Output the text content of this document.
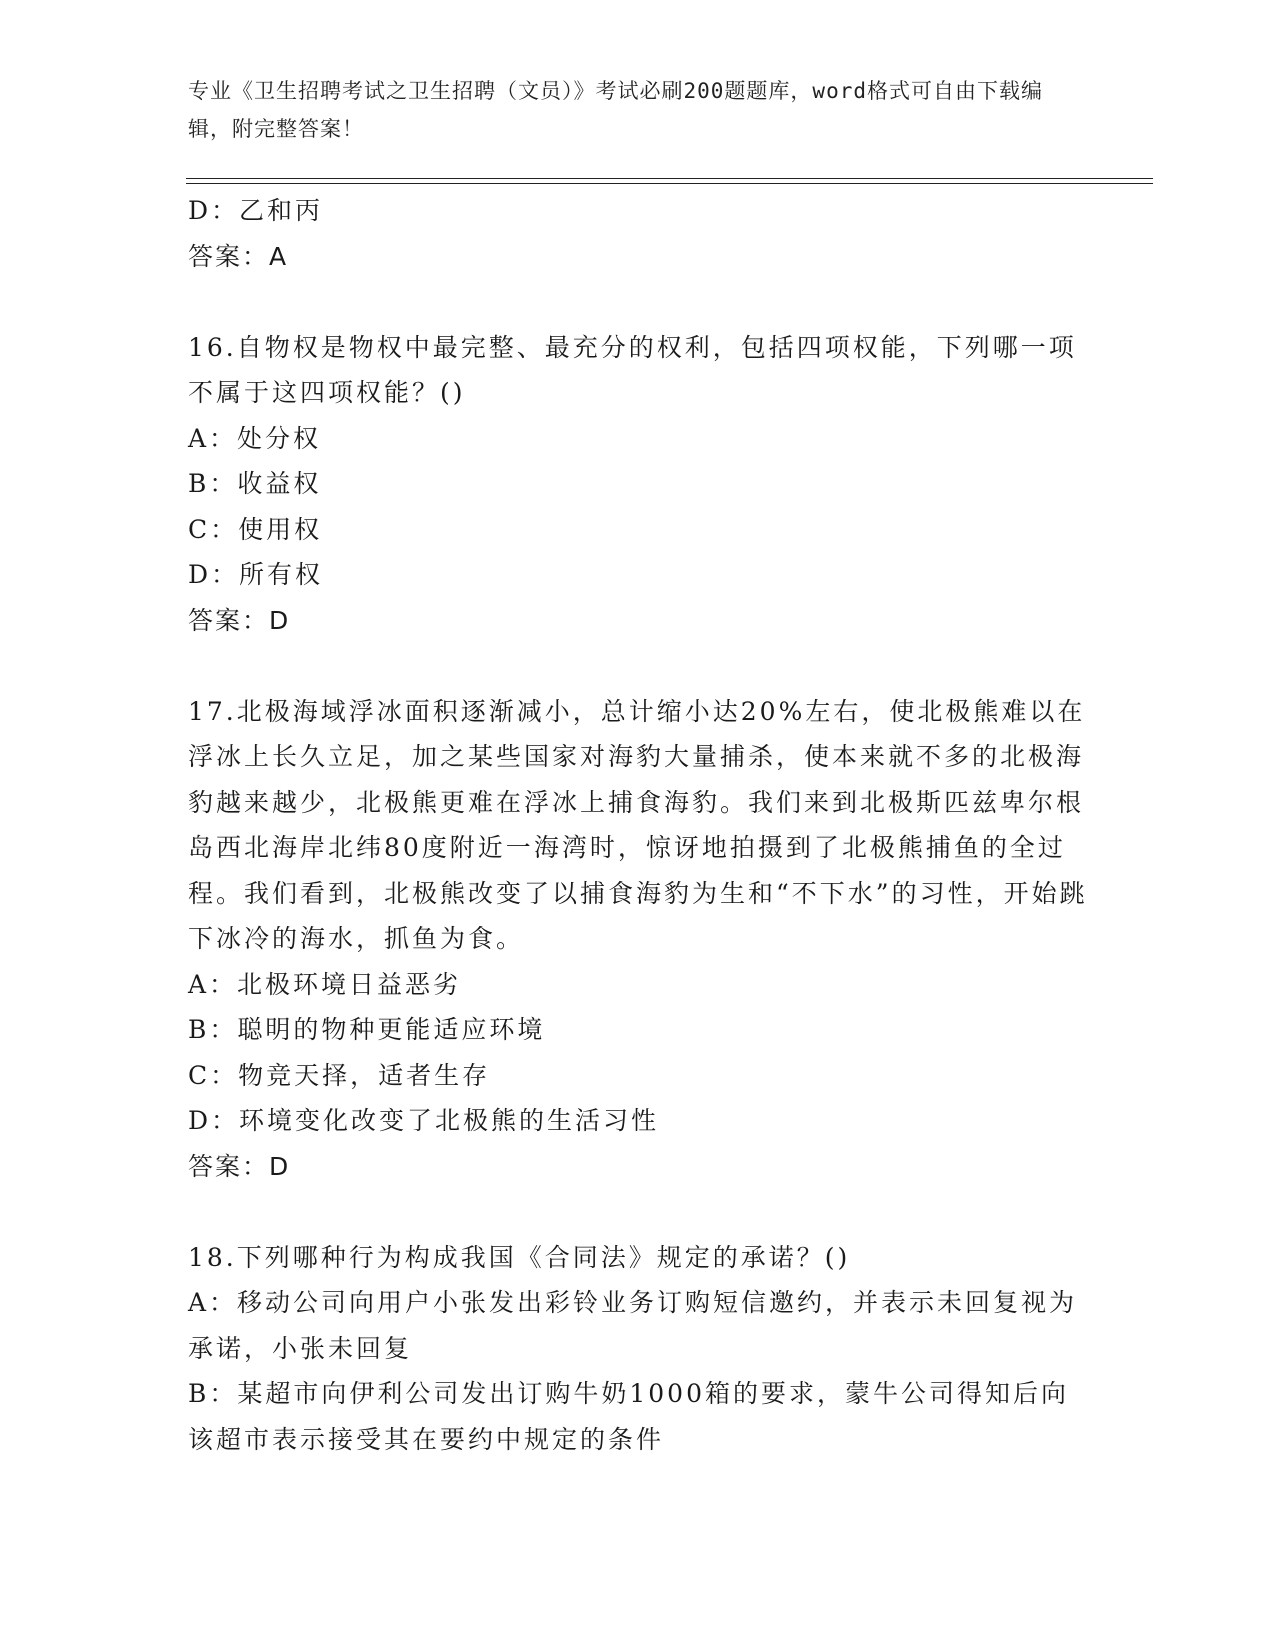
专业《卫生招聘考试之卫生招聘（文员）》考试必刷200题题库，word格式可自由下载编辑，附完整答案！
D：乙和丙
答案：A
16.自物权是物权中最完整、最充分的权利，包括四项权能，下列哪一项不属于这四项权能？()
A：处分权
B：收益权
C：使用权
D：所有权
答案：D
17.北极海域浮冰面积逐渐减小，总计缩小达20%左右，使北极熊难以在浮冰上长久立足，加之某些国家对海豹大量捕杀，使本来就不多的北极海豹越来越少，北极熊更难在浮冰上捕食海豹。我们来到北极斯匹兹卑尔根岛西北海岸北纬80度附近一海湾时，惊讶地拍摄到了北极熊捕鱼的全过程。我们看到，北极熊改变了以捕食海豹为生和“不下水”的习性，开始跳下冰冷的海水，抓鱼为食。
A：北极环境日益恶劣
B：聪明的物种更能适应环境
C：物竞天择，适者生存
D：环境变化改变了北极熊的生活习性
答案：D
18.下列哪种行为构成我国《合同法》规定的承诺？()
A：移动公司向用户小张发出彩铃业务订购短信邀约，并表示未回复视为承诺，小张未回复
B：某超市向伊利公司发出订购牛奶1000箱的要求，蒙牛公司得知后向该超市表示接受其在要约中规定的条件
